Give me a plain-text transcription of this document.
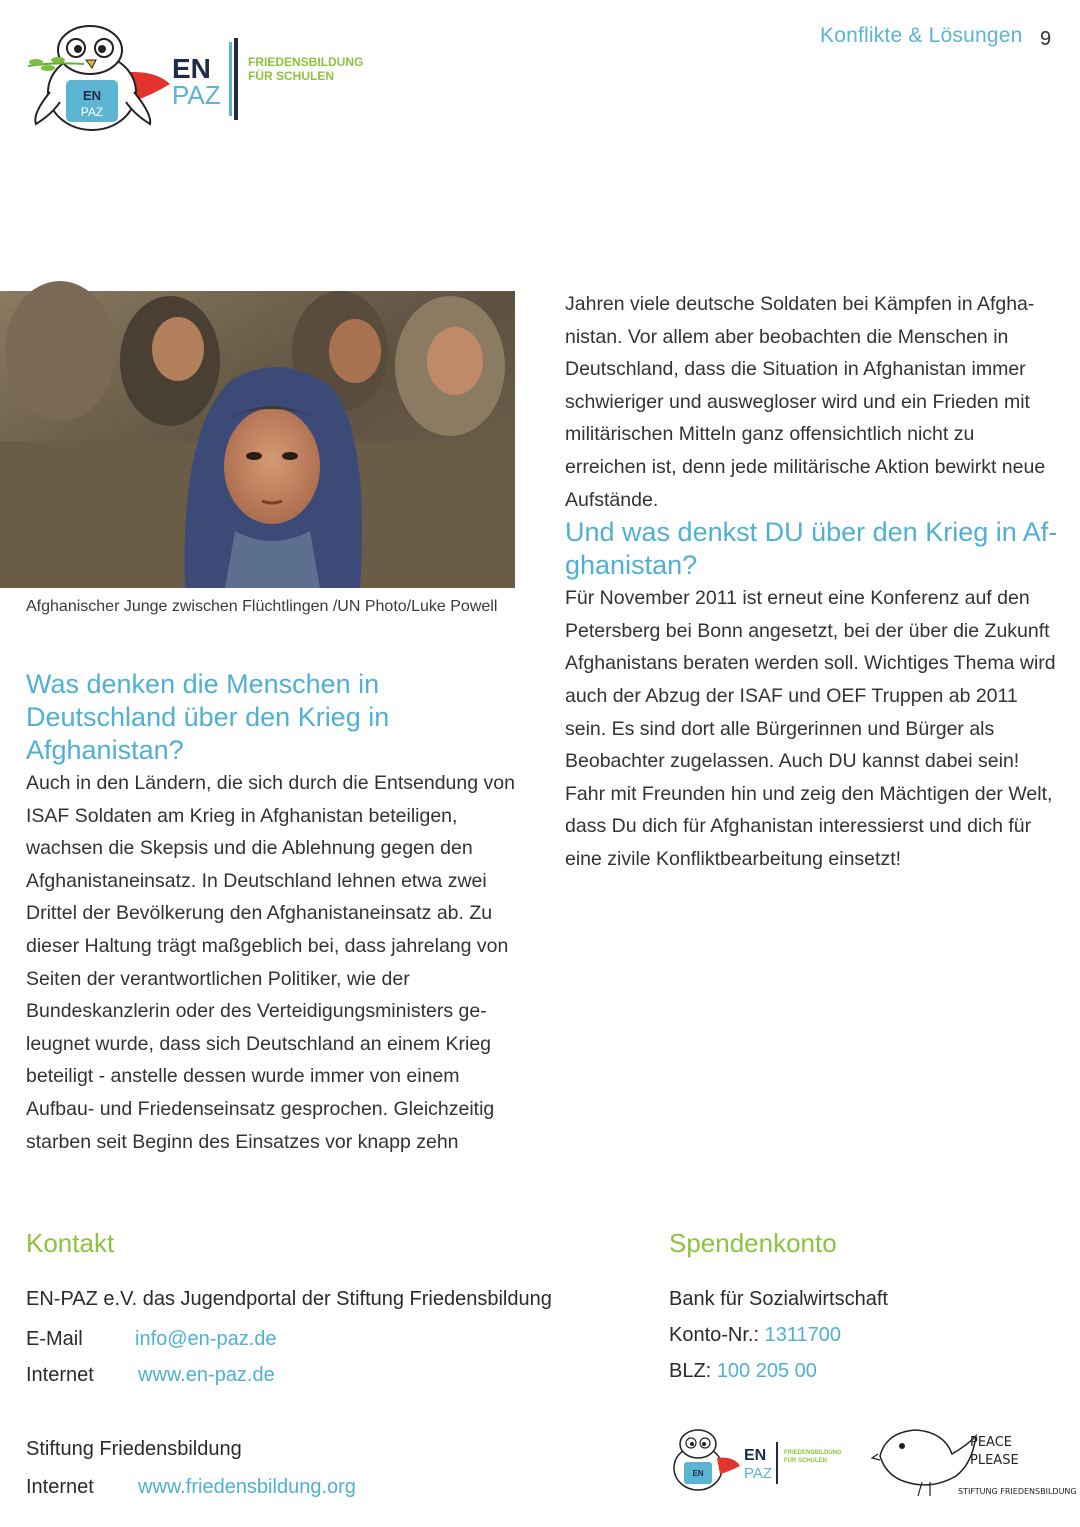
EN
PAZ
EN
PAZ
FRIEDENSBILDUNG
FÜR SCHULEN
Konflikte & Lösungen 9
Afghanischer Junge zwischen Flüchtlingen /UN Photo/Luke Powell
Was denken die Menschen in Deutschland über den Krieg in Afghanistan?

Auch in den Ländern, die sich durch die Entsendung von ISAF Soldaten am Krieg in Afghanistan beteiligen, wachsen die Skepsis und die Ablehnung gegen den Afghanistaneinsatz. In Deutschland lehnen etwa zwei Drittel der Bevölkerung den Afghanistaneinsatz ab. Zu dieser Haltung trägt maßgeblich bei, dass jahrelang von Seiten der verantwortlichen Politiker, wie der Bundeskanzlerin oder des Verteidigungsministers geleugnet wurde, dass sich Deutschland an einem Krieg beteiligt - anstelle dessen wurde immer von einem Aufbau- und Friedenseinsatz gesprochen. Gleichzeitig starben seit Beginn des Einsatzes vor knapp zehn

Jahren viele deutsche Soldaten bei Kämpfen in Afghanistan. Vor allem aber beobachten die Menschen in Deutschland, dass die Situation in Afghanistan immer schwieriger und auswegloser wird und ein Frieden mit militärischen Mitteln ganz offensichtlich nicht zu erreichen ist, denn jede militärische Aktion bewirkt neue Aufstände.

Und was denkst DU über den Krieg in Afghanistan?

Für November 2011 ist erneut eine Konferenz auf den Petersberg bei Bonn angesetzt, bei der über die Zukunft Afghanistans beraten werden soll. Wichtiges Thema wird auch der Abzug der ISAF und OEF Truppen ab 2011 sein. Es sind dort alle Bürgerinnen und Bürger als Beobachter zugelassen. Auch DU kannst dabei sein! Fahr mit Freunden hin und zeig den Mächtigen der Welt, dass Du dich für Afghanistan interessierst und dich für eine zivile Konfliktbearbeitung einsetzt!

Kontakt
EN-PAZ e.V. das Jugendportal der Stiftung Friedensbildung
E-Mail	info@en-paz.de
Internet www.en-paz.de
Stiftung Friedensbildung
Internet www.friedensbildung.org
Spendenkonto
Bank für Sozialwirtschaft
Konto-Nr.: 1311700
BLZ: 100 205 00
EN
EN
PAZ
FRIEDENSBILDUNG
FÜR SCHULEN
PEACE
PLEASE
STIFTUNG FRIEDENSBILDUNG
